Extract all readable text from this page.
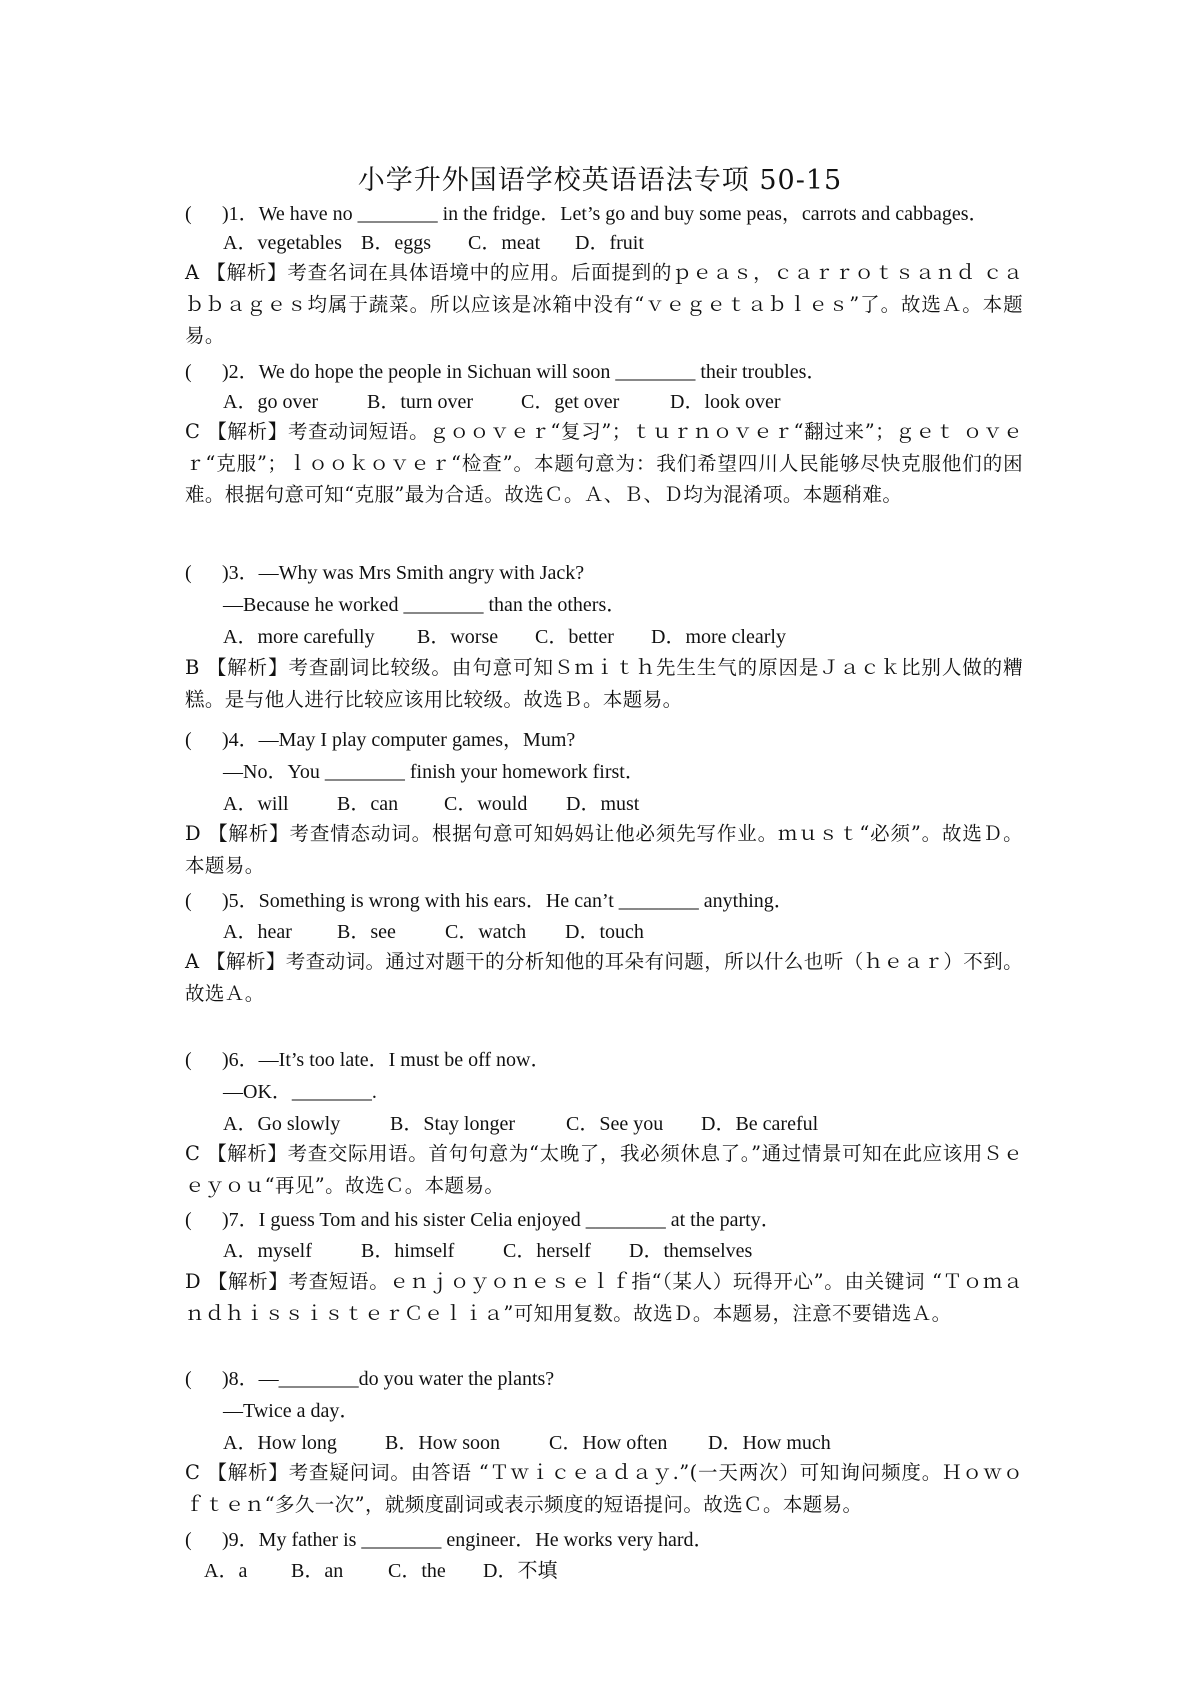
小学升外国语学校英语语法专项 50-15
( )1．We have no ________ in the fridge．Let’s go and buy some peas，carrots and cabbages．
A．vegetables B．eggs C．meat D．fruit
A 【解析】考查名词在具体语境中的应用。后面提到的ｐｅａｓ，ｃａｒｒｏｔｓａｎｄ ｃａｂｂａｇｅｓ均属于蔬菜。所以应该是冰箱中没有“ｖｅｇｅｔａｂｌｅｓ”了。故选Ａ。本题易。
( )2．We do hope the people in Sichuan will soon ________ their troubles．
A．go over B．turn over C．get over	D．look over
C 【解析】考查动词短语。ｇｏｏｖｅｒ“复习”；ｔｕｒｎｏｖｅｒ“翻过来”；ｇｅｔ ｏｖｅｒ“克服”；ｌｏｏｋｏｖｅｒ“检查”。本题句意为：我们希望四川人民能够尽快克服他们的困难。根据句意可知“克服”最为合适。故选Ｃ。Ａ、Ｂ、Ｄ均为混淆项。本题稍难。
( )3．—Why was Mrs Smith angry with Jack?
—Because he worked ________ than the others．
A．more carefully B．worse C．better D．more clearly
B 【解析】考查副词比较级。由句意可知Ｓｍｉｔｈ先生生气的原因是Ｊａｃｋ比别人做的糟糕。是与他人进行比较应该用比较级。故选Ｂ。本题易。
( )4．—May I play computer games，Mum?
—No．You ________ finish your homework first．
A．will B．can C．would D．must
D 【解析】考查情态动词。根据句意可知妈妈让他必须先写作业。ｍｕｓｔ“必须”。故选Ｄ。本题易。
( )5．Something is wrong with his ears．He can’t ________ anything．
A．hear B．see C．watch D．touch
A 【解析】考查动词。通过对题干的分析知他的耳朵有问题，所以什么也听（ｈｅａｒ）不到。故选Ａ。
( )6．—It’s too late．I must be off now．
—OK．________.
A．Go slowly B．Stay longer	C．See you D．Be careful
C 【解析】考查交际用语。首句句意为“太晚了，我必须休息了。”通过情景可知在此应该用Ｓｅｅｙｏｕ“再见”。故选Ｃ。本题易。
( )7．I guess Tom and his sister Celia enjoyed ________ at the party．
A．myself B．himself C．herself D．themselves
D 【解析】考查短语。ｅｎｊｏｙｏｎｅｓｅｌｆ指“（某人）玩得开心”。由关键词 “ＴｏｍａｎｄｈｉｓｓｉｓｔｅｒＣｅｌｉａ”可知用复数。故选Ｄ。本题易，注意不要错选Ａ。
( )8．—________do you water the plants?
—Twice a day．
A．How long B．How soon C．How often D．How much
C 【解析】考查疑问词。由答语 “Ｔｗｉｃｅａｄａｙ.”(一天两次）可知询问频度。Ｈｏｗｏｆｔｅｎ“多久一次”，就频度副词或表示频度的短语提问。故选Ｃ。本题易。
( )9．My father is ________ engineer．He works very hard．
A．a B．an C．the D．不填
